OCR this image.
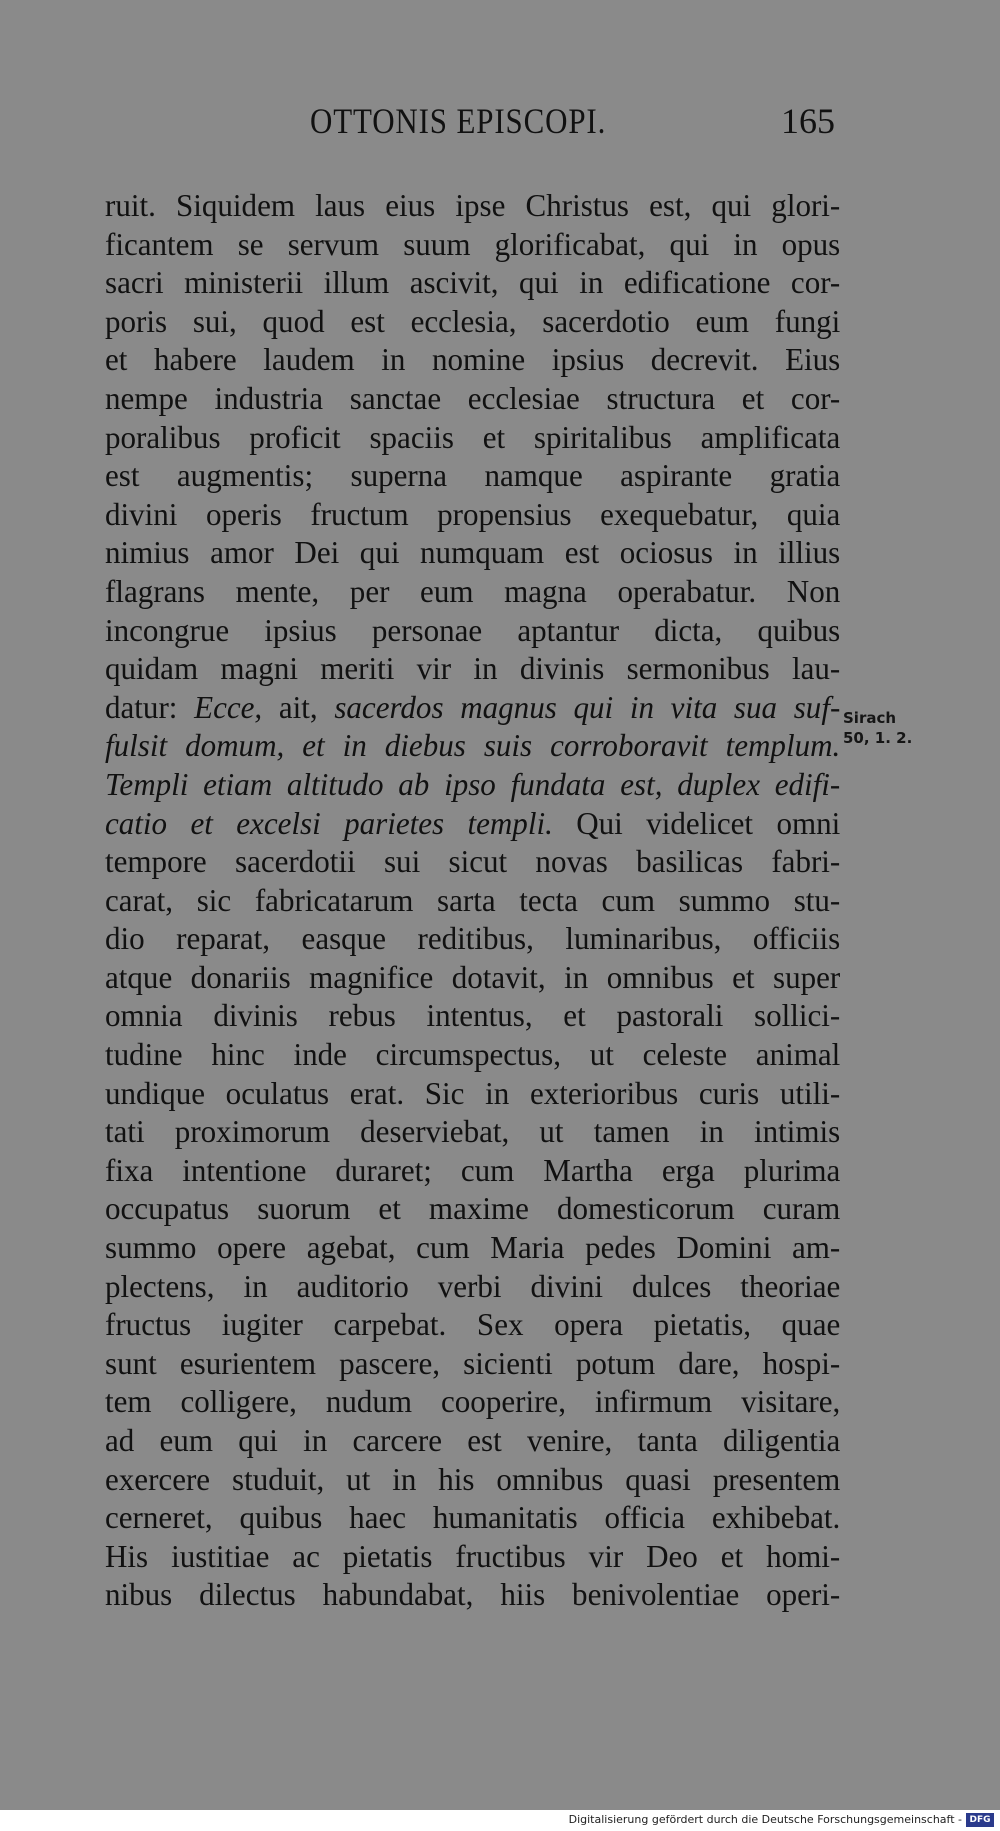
OTTONIS EPISCOPI.	165
ruit. Siquidem laus eius ipse Christus est, qui glori-
ficantem se servum suum glorificabat, qui in opus
sacri ministerii illum ascivit, qui in edificatione cor-
poris sui, quod est ecclesia, sacerdotio eum fungi
et habere laudem in nomine ipsius decrevit. Eius
nempe industria sanctae ecclesiae structura et cor-
poralibus proficit spaciis et spiritalibus amplificata
est augmentis; superna namque aspirante gratia
divini operis fructum propensius exequebatur, quia
nimius amor Dei qui numquam est ociosus in illius
flagrans mente, per eum magna operabatur. Non
incongrue ipsius personae aptantur dicta, quibus
quidam magni meriti vir in divinis sermonibus lau-
datur: Ecce, ait, sacerdos magnus qui in vita sua suf-
fulsit domum, et in diebus suis corroboravit templum.
Templi etiam altitudo ab ipso fundata est, duplex edifi-
catio et excelsi parietes templi. Qui videlicet omni
tempore sacerdotii sui sicut novas basilicas fabri-
carat, sic fabricatarum sarta tecta cum summo stu-
dio reparat, easque reditibus, luminaribus, officiis
atque donariis magnifice dotavit, in omnibus et super
omnia divinis rebus intentus, et pastorali sollici-
tudine hinc inde circumspectus, ut celeste animal
undique oculatus erat. Sic in exterioribus curis utili-
tati proximorum deserviebat, ut tamen in intimis
fixa intentione duraret; cum Martha erga plurima
occupatus suorum et maxime domesticorum curam
summo opere agebat, cum Maria pedes Domini am-
plectens, in auditorio verbi divini dulces theoriae
fructus iugiter carpebat. Sex opera pietatis, quae
sunt esurientem pascere, sicienti potum dare, hospi-
tem colligere, nudum cooperire, infirmum visitare,
ad eum qui in carcere est venire, tanta diligentia
exercere studuit, ut in his omnibus quasi presentem
cerneret, quibus haec humanitatis officia exhibebat.
His iustitiae ac pietatis fructibus vir Deo et homi-
nibus dilectus habundabat, hiis benivolentiae operi-
Sirach
50, 1. 2.
Digitalisierung gefördert durch die Deutsche Forschungsgemeinschaft - DFG
